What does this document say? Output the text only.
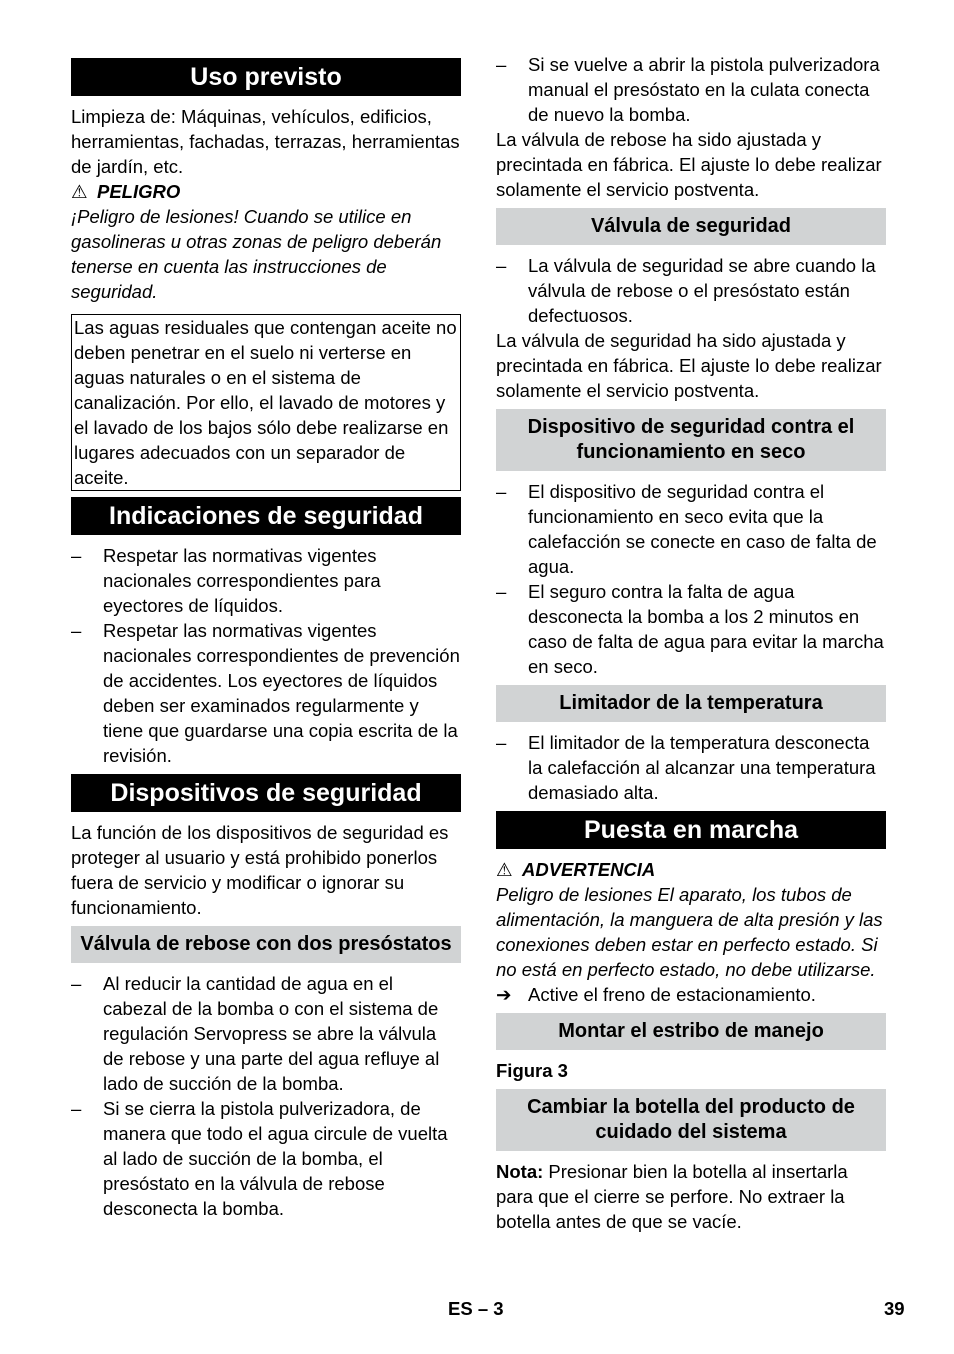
Uso previsto

Limpieza de: Máquinas, vehículos, edificios, herramientas, fachadas, terrazas, herramientas de jardín, etc.

⚠ PELIGRO

¡Peligro de lesiones! Cuando se utilice en gasolineras u otras zonas de peligro deberán tenerse en cuenta las instrucciones de seguridad.

Las aguas residuales que contengan aceite no deben penetrar en el suelo ni verterse en aguas naturales o en el sistema de canalización. Por ello, el lavado de motores y el lavado de los bajos sólo debe realizarse en lugares adecuados con un separador de aceite.

Indicaciones de seguridad
– Respetar las normativas vigentes nacionales correspondientes para eyectores de líquidos.
– Respetar las normativas vigentes nacionales correspondientes de prevención de accidentes. Los eyectores de líquidos deben ser examinados regularmente y tiene que guardarse una copia escrita de la revisión.
Dispositivos de seguridad

La función de los dispositivos de seguridad es proteger al usuario y está prohibido ponerlos fuera de servicio y modificar o ignorar su funcionamiento.

Válvula de rebose con dos presóstatos
– Al reducir la cantidad de agua en el cabezal de la bomba o con el sistema de regulación Servopress se abre la válvula de rebose y una parte del agua refluye al lado de succión de la bomba.
– Si se cierra la pistola pulverizadora, de manera que todo el agua circule de vuelta al lado de succión de la bomba, el presóstato en la válvula de rebose desconecta la bomba.
– Si se vuelve a abrir la pistola pulverizadora manual el presóstato en la culata conecta de nuevo la bomba.

La válvula de rebose ha sido ajustada y precintada en fábrica. El ajuste lo debe realizar solamente el servicio postventa.

Válvula de seguridad
– La válvula de seguridad se abre cuando la válvula de rebose o el presóstato están defectuosos.

La válvula de seguridad ha sido ajustada y precintada en fábrica. El ajuste lo debe realizar solamente el servicio postventa.

Dispositivo de seguridad contra el funcionamiento en seco
– El dispositivo de seguridad contra el funcionamiento en seco evita que la calefacción se conecte en caso de falta de agua.
– El seguro contra la falta de agua desconecta la bomba a los 2 minutos en caso de falta de agua para evitar la marcha en seco.
Limitador de la temperatura
– El limitador de la temperatura desconecta la calefacción al alcanzar una temperatura demasiado alta.
Puesta en marcha
⚠ ADVERTENCIA

Peligro de lesiones El aparato, los tubos de alimentación, la manguera de alta presión y las conexiones deben estar en perfecto estado. Si no está en perfecto estado, no debe utilizarse.

➔ Active el freno de estacionamiento.
Montar el estribo de manejo
Figura 3
Cambiar la botella del producto de cuidado del sistema

Nota: Presionar bien la botella al insertarla para que el cierre se perfore. No extraer la botella antes de que se vacíe.

ES – 3	39
